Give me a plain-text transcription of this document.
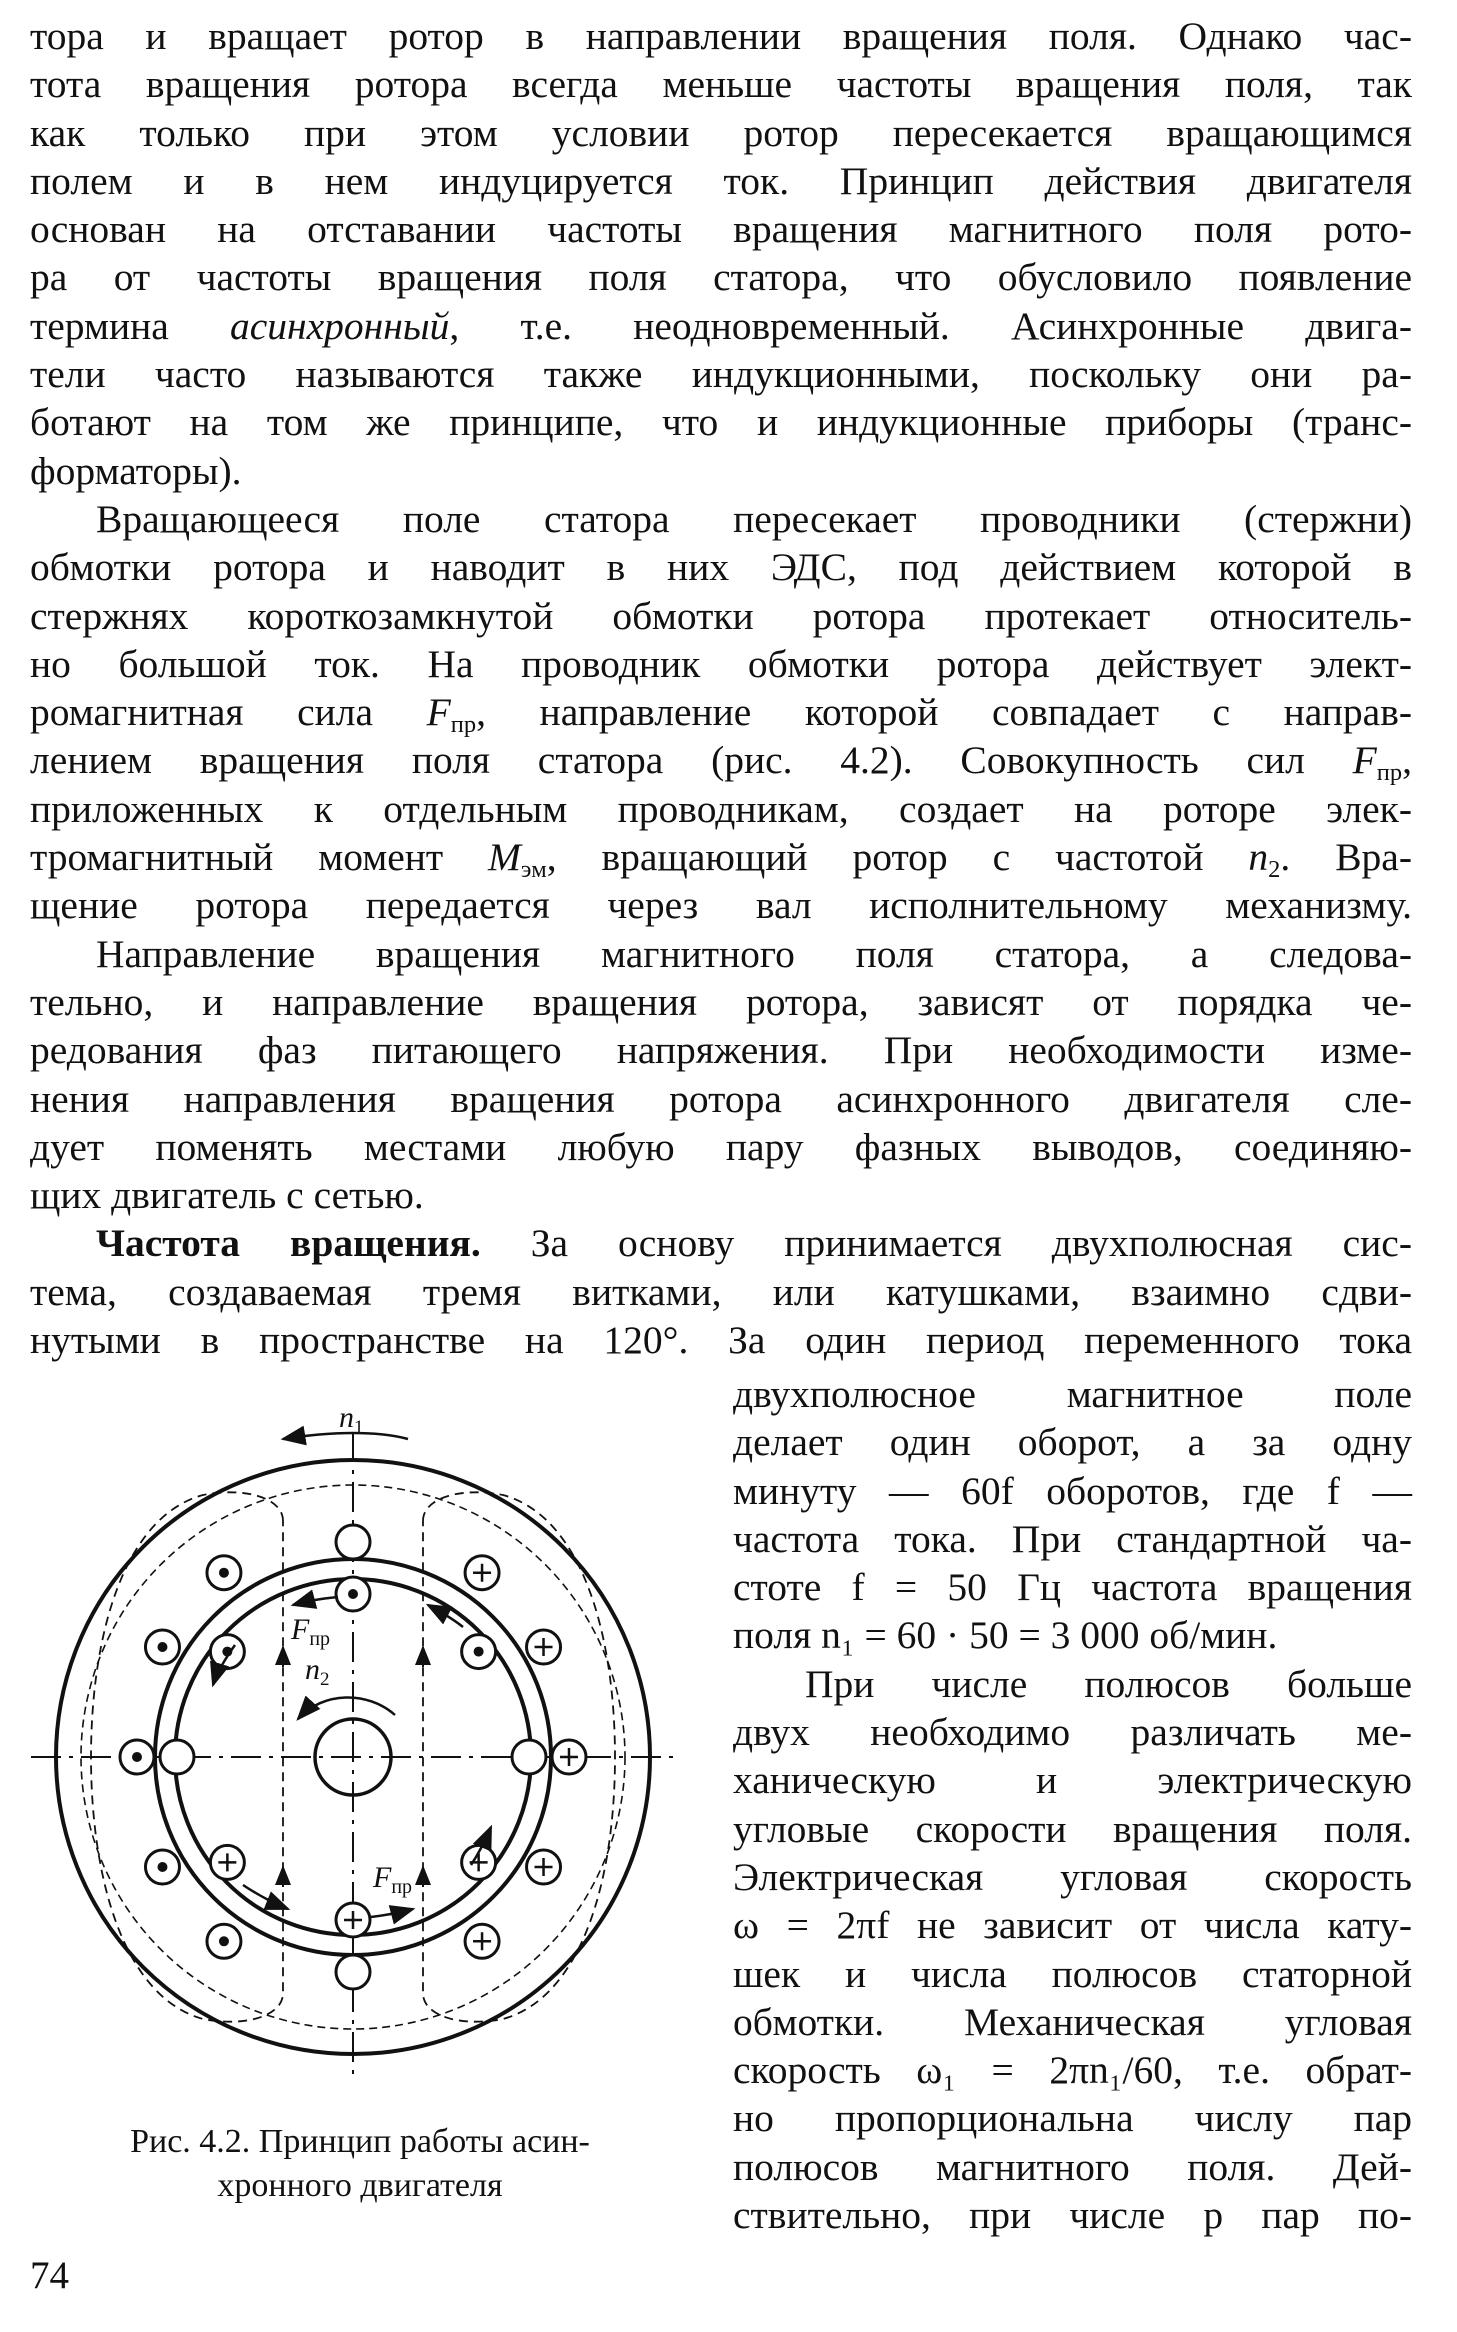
тора и вращает ротор в направлении вращения поля. Однако час-
тота вращения ротора всегда меньше частоты вращения поля, так
как только при этом условии ротор пересекается вращающимся
полем и в нем индуцируется ток. Принцип действия двигателя
основан на отставании частоты вращения магнитного поля рото-
ра от частоты вращения поля статора, что обусловило появление
термина асинхронный, т.е. неодновременный. Асинхронные двига-
тели часто называются также индукционными, поскольку они ра-
ботают на том же принципе, что и индукционные приборы (транс-
форматоры).

Вращающееся поле статора пересекает проводники (стержни)
обмотки ротора и наводит в них ЭДС, под действием которой в
стержнях короткозамкнутой обмотки ротора протекает относитель-
но большой ток. На проводник обмотки ротора действует элект-
ромагнитная сила $F_{пр}$, направление которой совпадает с направ-
лением вращения поля статора (рис. 4.2). Совокупность сил $F_{пр}$,
приложенных к отдельным проводникам, создает на роторе элек-
тромагнитный момент $M_{эм}$, вращающий ротор с частотой $n_2$. Вра-
щение ротора передается через вал исполнительному механизму.

Направление вращения магнитного поля статора, а следова-
тельно, и направление вращения ротора, зависят от порядка че-
редования фаз питающего напряжения. При необходимости изме-
нения направления вращения ротора асинхронного двигателя сле-
дует поменять местами любую пару фазных выводов, соединяю-
щих двигатель с сетью.

Частота вращения. За основу принимается двухполюсная сис-
тема, создаваемая тремя витками, или катушками, взаимно сдви-
нутыми в пространстве на 120°. За один период переменного тока

двухполюсное магнитное поле
делает один оборот, а за одну
минуту — 60f оборотов, где f —
частота тока. При стандартной ча-
стоте f = 50 Гц частота вращения
поля n₁ = 60 · 50 = 3 000 об/мин.
При числе полюсов больше
двух необходимо различать ме-
ханическую и электрическую
угловые скорости вращения поля.
Электрическая угловая скорость
ω = 2πf не зависит от числа кату-
шек и числа полюсов статорной
обмотки. Механическая угловая
скорость ω₁ = 2πn₁/60, т.е. обрат-
но пропорциональна числу пар
полюсов магнитного поля. Дей-
ствительно, при числе p пар по-
$n_1$
$n_2$
$F_{пр}$
$F_{пр}$
Рис. 4.2. Принцип работы асин-
хронного двигателя
74
